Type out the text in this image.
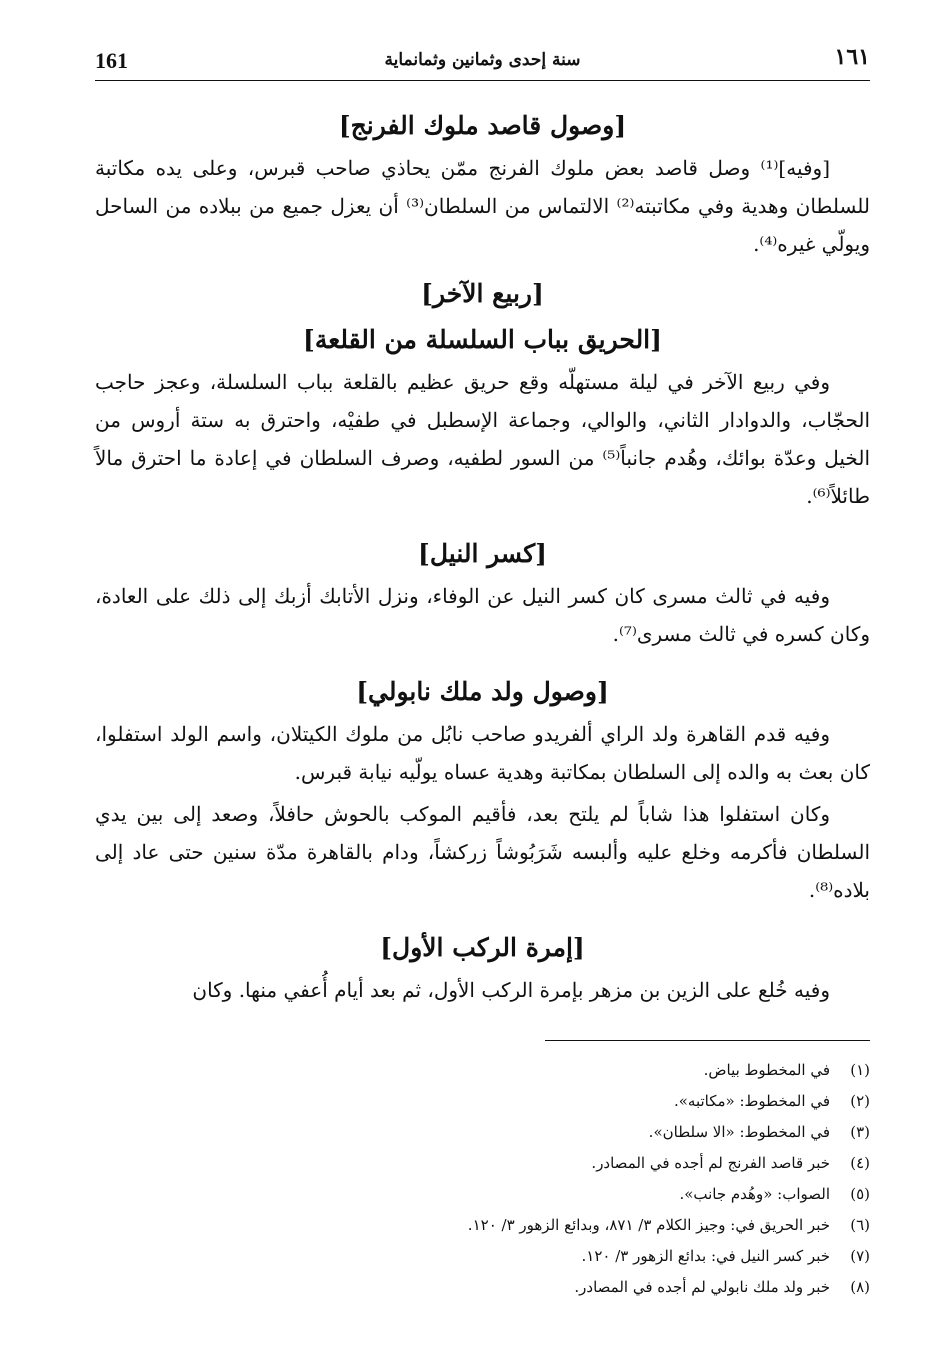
161	سنة إحدى وثمانين وثمانماية	١٦١
[وصول قاصد ملوك الفرنج]

[وفيه]⁽¹⁾ وصل قاصد بعض ملوك الفرنج ممّن يحاذي صاحب قبرس، وعلى يده مكاتبة للسلطان وهدية وفي مكاتبته⁽²⁾ الالتماس من السلطان⁽³⁾ أن يعزل جميع من ببلاده من الساحل ويولّي غيره⁽⁴⁾.

[ربيع الآخر]
[الحريق بباب السلسلة من القلعة]

وفي ربيع الآخر في ليلة مستهلّه وقع حريق عظيم بالقلعة بباب السلسلة، وعجز حاجب الحجّاب، والدوادار الثاني، والوالي، وجماعة الإسطبل في طفيْه، واحترق به ستة أروس من الخيل وعدّة بوائك، وهُدم جانباً⁽⁵⁾ من السور لطفيه، وصرف السلطان في إعادة ما احترق مالاً طائلاً⁽⁶⁾.

[كسر النيل]

وفيه في ثالث مسرى كان كسر النيل عن الوفاء، ونزل الأتابك أزبك إلى ذلك على العادة، وكان كسره في ثالث مسرى⁽⁷⁾.

[وصول ولد ملك نابولي]

وفيه قدم القاهرة ولد الراي ألفريدو صاحب نابُل من ملوك الكيتلان، واسم الولد استفلوا، كان بعث به والده إلى السلطان بمكاتبة وهدية عساه يولّيه نيابة قبرس.

وكان استفلوا هذا شاباً لم يلتح بعد، فأقيم الموكب بالحوش حافلاً، وصعد إلى بين يدي السلطان فأكرمه وخلع عليه وألبسه شَرَبُوشاً زركشاً، ودام بالقاهرة مدّة سنين حتى عاد إلى بلاده⁽⁸⁾.

[إمرة الركب الأول]

وفيه خُلع على الزين بن مزهر بإمرة الركب الأول، ثم بعد أيام أُعفي منها. وكان

(١)
في المخطوط بياض.
(٢)
في المخطوط: «مكاتبه».
(٣)
في المخطوط: «الا سلطان».
(٤)
خبر قاصد الفرنج لم أجده في المصادر.
(٥)
الصواب: «وهُدم جانب».
(٦)
خبر الحريق في: وجيز الكلام ٣/ ٨٧١، وبدائع الزهور ٣/ ١٢٠.
(٧)
خبر كسر النيل في: بدائع الزهور ٣/ ١٢٠.
(٨)
خبر ولد ملك نابولي لم أجده في المصادر.
